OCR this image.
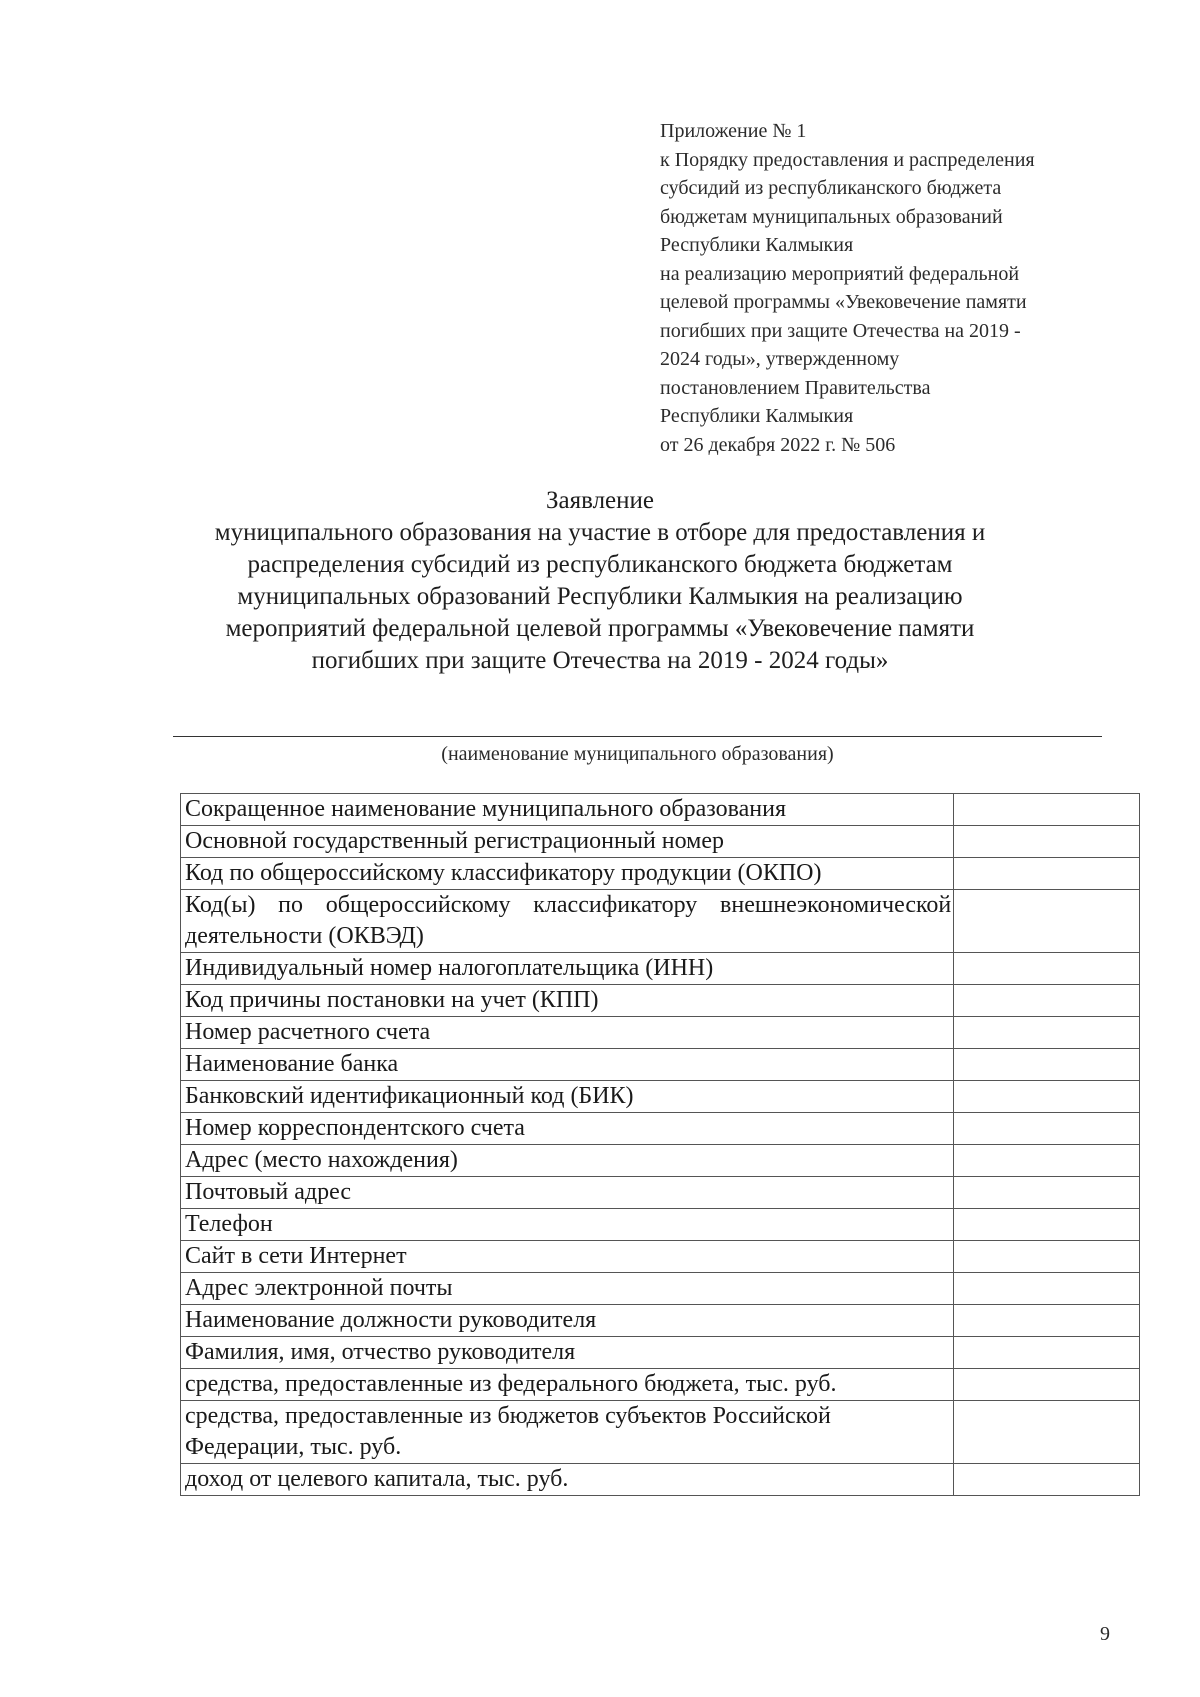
Приложение № 1
к Порядку предоставления и распределения
субсидий из республиканского бюджета
бюджетам муниципальных образований
Республики Калмыкия
на реализацию мероприятий федеральной
целевой программы «Увековечение памяти
погибших при защите Отечества на 2019 -
2024 годы», утвержденному
постановлением Правительства
Республики Калмыкия
от 26 декабря 2022 г. № 506
Заявление
муниципального образования на участие в отборе для предоставления и
распределения субсидий из республиканского бюджета бюджетам
муниципальных образований Республики Калмыкия на реализацию
мероприятий федеральной целевой программы «Увековечение памяти
погибших при защите Отечества на 2019 - 2024 годы»
(наименование муниципального образования)
Сокращенное наименование муниципального образования	
Основной государственный регистрационный номер	
Код по общероссийскому классификатору продукции (ОКПО)	
Код(ы) по общероссийскому классификатору внешнеэкономической деятельности (ОКВЭД)	
Индивидуальный номер налогоплательщика (ИНН)	
Код причины постановки на учет (КПП)	
Номер расчетного счета	
Наименование банка	
Банковский идентификационный код (БИК)	
Номер корреспондентского счета	
Адрес (место нахождения)	
Почтовый адрес	
Телефон	
Сайт в сети Интернет	
Адрес электронной почты	
Наименование должности руководителя	
Фамилия, имя, отчество руководителя	
средства, предоставленные из федерального бюджета, тыс. руб.	
средства, предоставленные из бюджетов субъектов Российской Федерации, тыс. руб.	
доход от целевого капитала, тыс. руб.	
9
